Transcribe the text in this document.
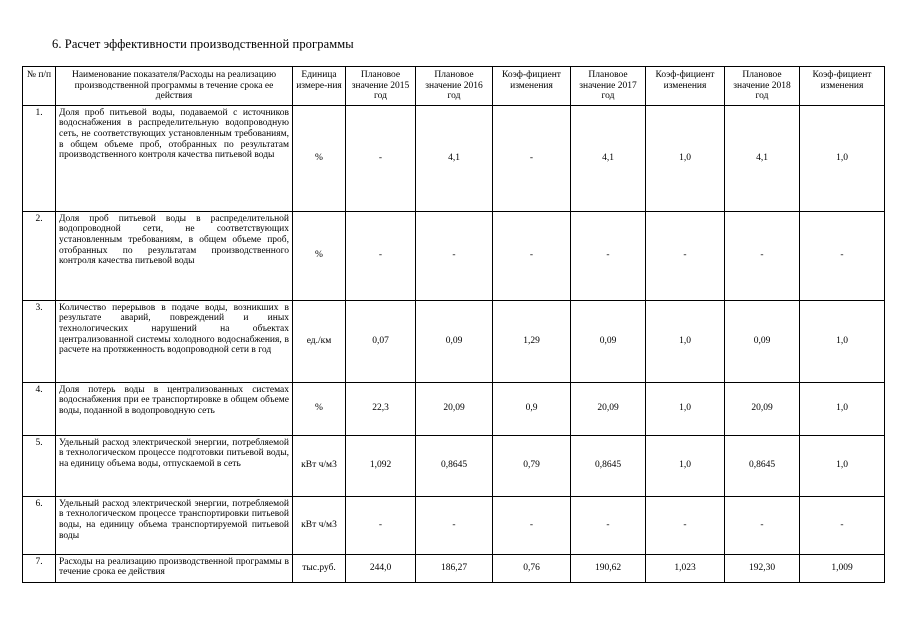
6. Расчет эффективности производственной программы
№ п/п	Наименование показателя/Расходы на реализацию производственной программы в течение срока ее действия	Единица измере-ния	Плановое значение 2015 год	Плановое значение 2016 год	Коэф-фициент изменения	Плановое значение 2017 год	Коэф-фициент изменения	Плановое значение 2018 год	Коэф-фициент изменения
1.	Доля проб питьевой воды, подаваемой с источников водоснабжения в распределительную водопроводную сеть, не соответствующих установленным требованиям, в общем объеме проб, отобранных по результатам производственного контроля качества питьевой воды	%	-	4,1	-	4,1	1,0	4,1	1,0
2.	Доля проб питьевой воды в распределительной водопроводной сети, не соответствующих установленным требованиям, в общем объеме проб, отобранных по результатам производственного контроля качества питьевой воды	%	-	-	-	-	-	-	-
3.	Количество перерывов в подаче воды, возникших в результате аварий, повреждений и иных технологических нарушений на объектах централизованной системы холодного водоснабжения, в расчете на протяженность водопроводной сети в год	ед./км	0,07	0,09	1,29	0,09	1,0	0,09	1,0
4.	Доля потерь воды в централизованных системах водоснабжения при ее транспортировке в общем объеме воды, поданной в водопроводную сеть	%	22,3	20,09	0,9	20,09	1,0	20,09	1,0
5.	Удельный расход электрической энергии, потребляемой в технологическом процессе подготовки питьевой воды, на единицу объема воды, отпускаемой в сеть	кВт ч/м3	1,092	0,8645	0,79	0,8645	1,0	0,8645	1,0
6.	Удельный расход электрической энергии, потребляемой в технологическом процессе транспортировки питьевой воды, на единицу объема транспортируемой питьевой воды	кВт ч/м3	-	-	-	-	-	-	-
7.	Расходы на реализацию производственной программы в течение срока ее действия	тыс.руб.	244,0	186,27	0,76	190,62	1,023	192,30	1,009
